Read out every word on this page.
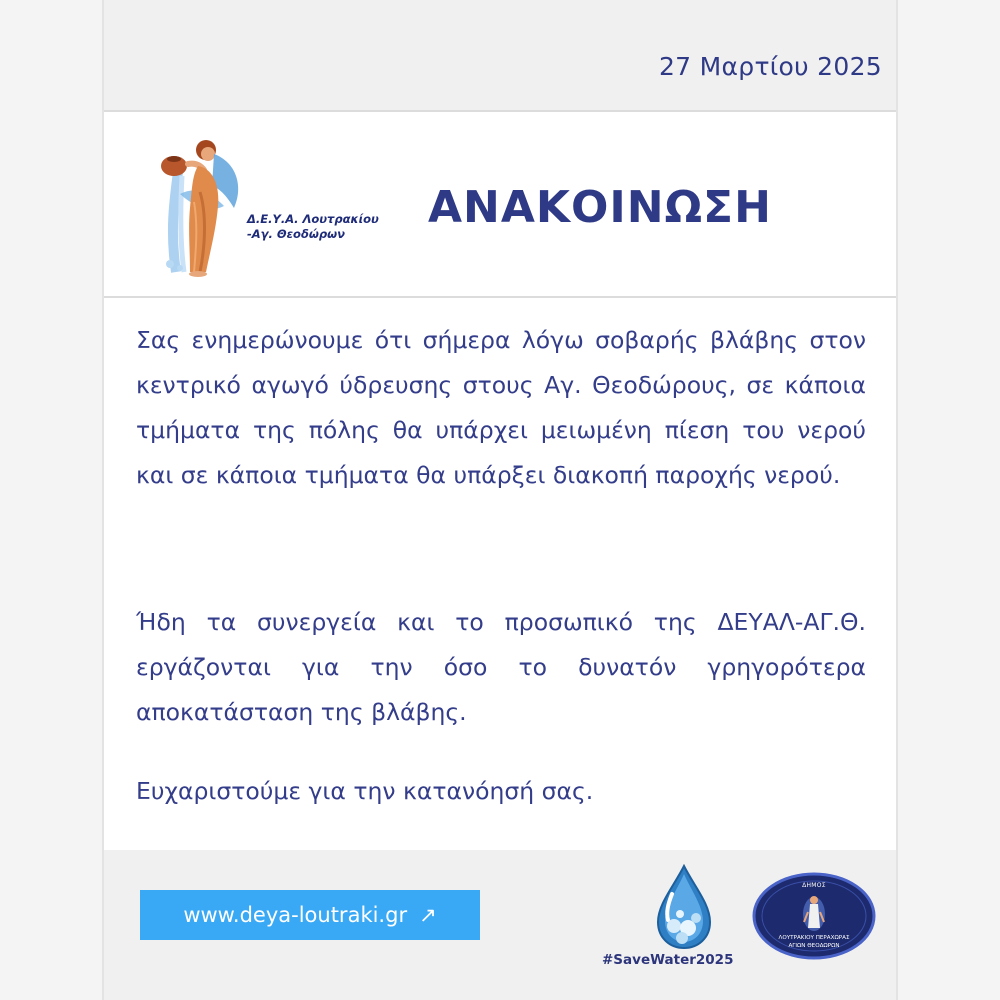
27 Μαρτίου 2025
Δ.Ε.Υ.Α. Λουτρακίου
-Αγ. Θεοδώρων
ΑΝΑΚΟΙΝΩΣΗ

Σας ενημερώνουμε ότι σήμερα λόγω σοβαρής βλάβης στον κεντρικό αγωγό ύδρευσης στους Αγ. Θεοδώρους, σε κάποια τμήματα της πόλης θα υπάρχει μειωμένη πίεση του νερού και σε κάποια τμήματα θα υπάρξει διακοπή παροχής νερού.

Ήδη τα συνεργεία και το προσωπικό της ΔΕΥΑΛ-ΑΓ.Θ. εργάζονται για την όσο το δυνατόν γρηγορότερα αποκατάσταση της βλάβης.

Ευχαριστούμε για την κατανόησή σας.

www.deya-loutraki.gr ↗
#SaveWater2025
ΔΗΜΟΣ
ΛΟΥΤΡΑΚΙΟΥ ΠΕΡΑΧΩΡΑΣ
ΑΓΙΩΝ ΘΕΟΔΩΡΩΝ
